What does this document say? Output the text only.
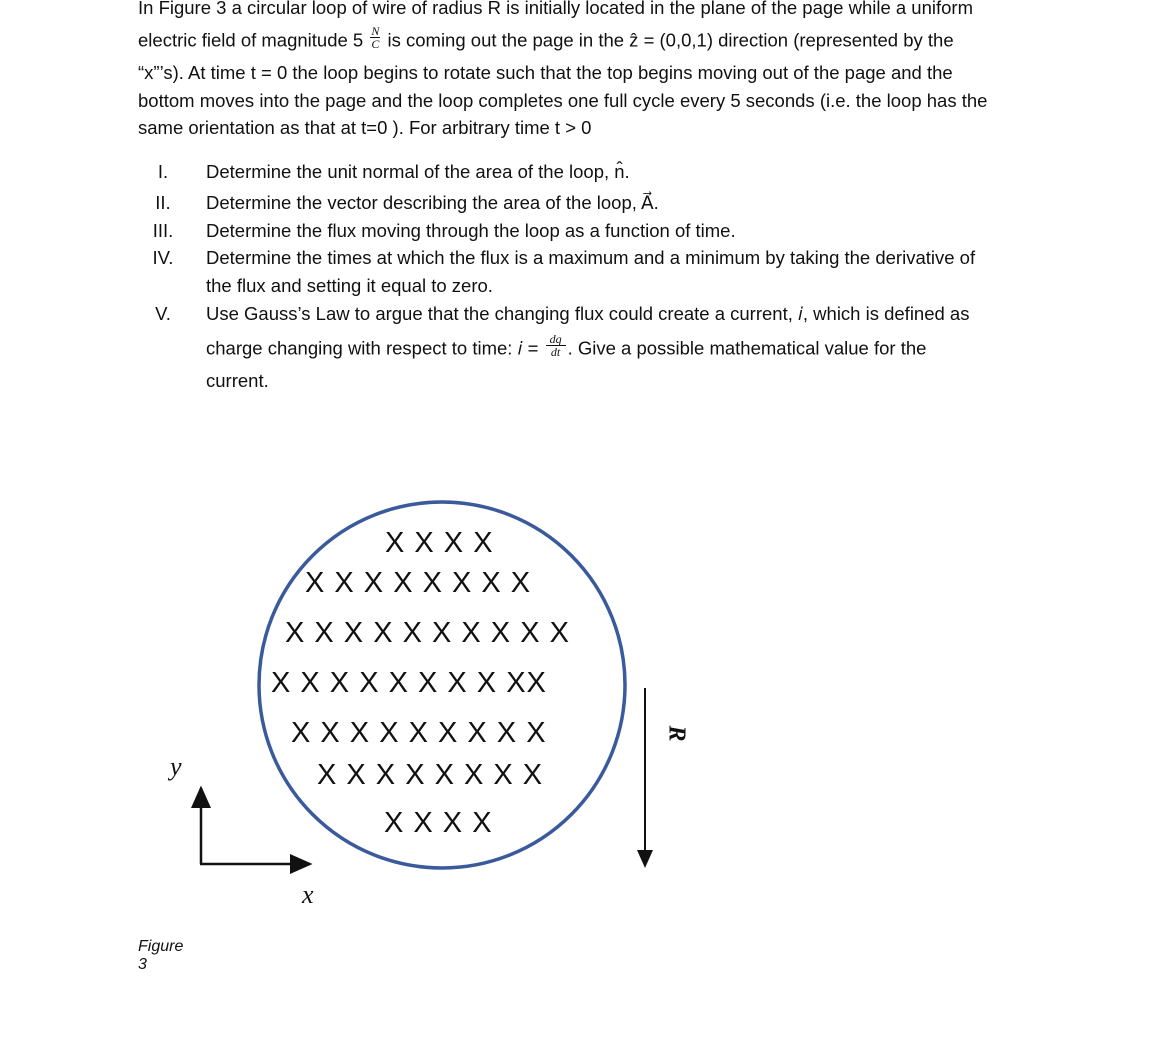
In Figure 3 a circular loop of wire of radius R is initially located in the plane of the page while a uniform
electric field of magnitude $5 \frac{N}{C}$ is coming out the page in the ẑ = (0,0,1) direction (represented by the
“x”’s). At time t = 0 the loop begins to rotate such that the top begins moving out of the page and the
bottom moves into the page and the loop completes one full cycle every 5 seconds (i.e. the loop has the
same orientation as that at t=0 ). For arbitrary time t > 0
I.	Determine the unit normal of the area of the loop, n̂.
II.	Determine the vector describing the area of the loop, A⃗.
III.	Determine the flux moving through the loop as a function of time.
IV.	Determine the times at which the flux is a maximum and a minimum by taking the derivative of
the flux and setting it equal to zero.
V.	Use Gauss’s Law to argue that the changing flux could create a current, 𝑖, which is defined as
charge changing with respect to time: 𝑖 = $\frac{dq}{dt}$ . Give a possible mathematical value for the
current.
X X X X
X X X X X X X X
X X X X X X X X X X
X X X X X X X X XX
X X X X X X X X X
X X X X X X X X
X X X X
y
x
R
Figure 3
